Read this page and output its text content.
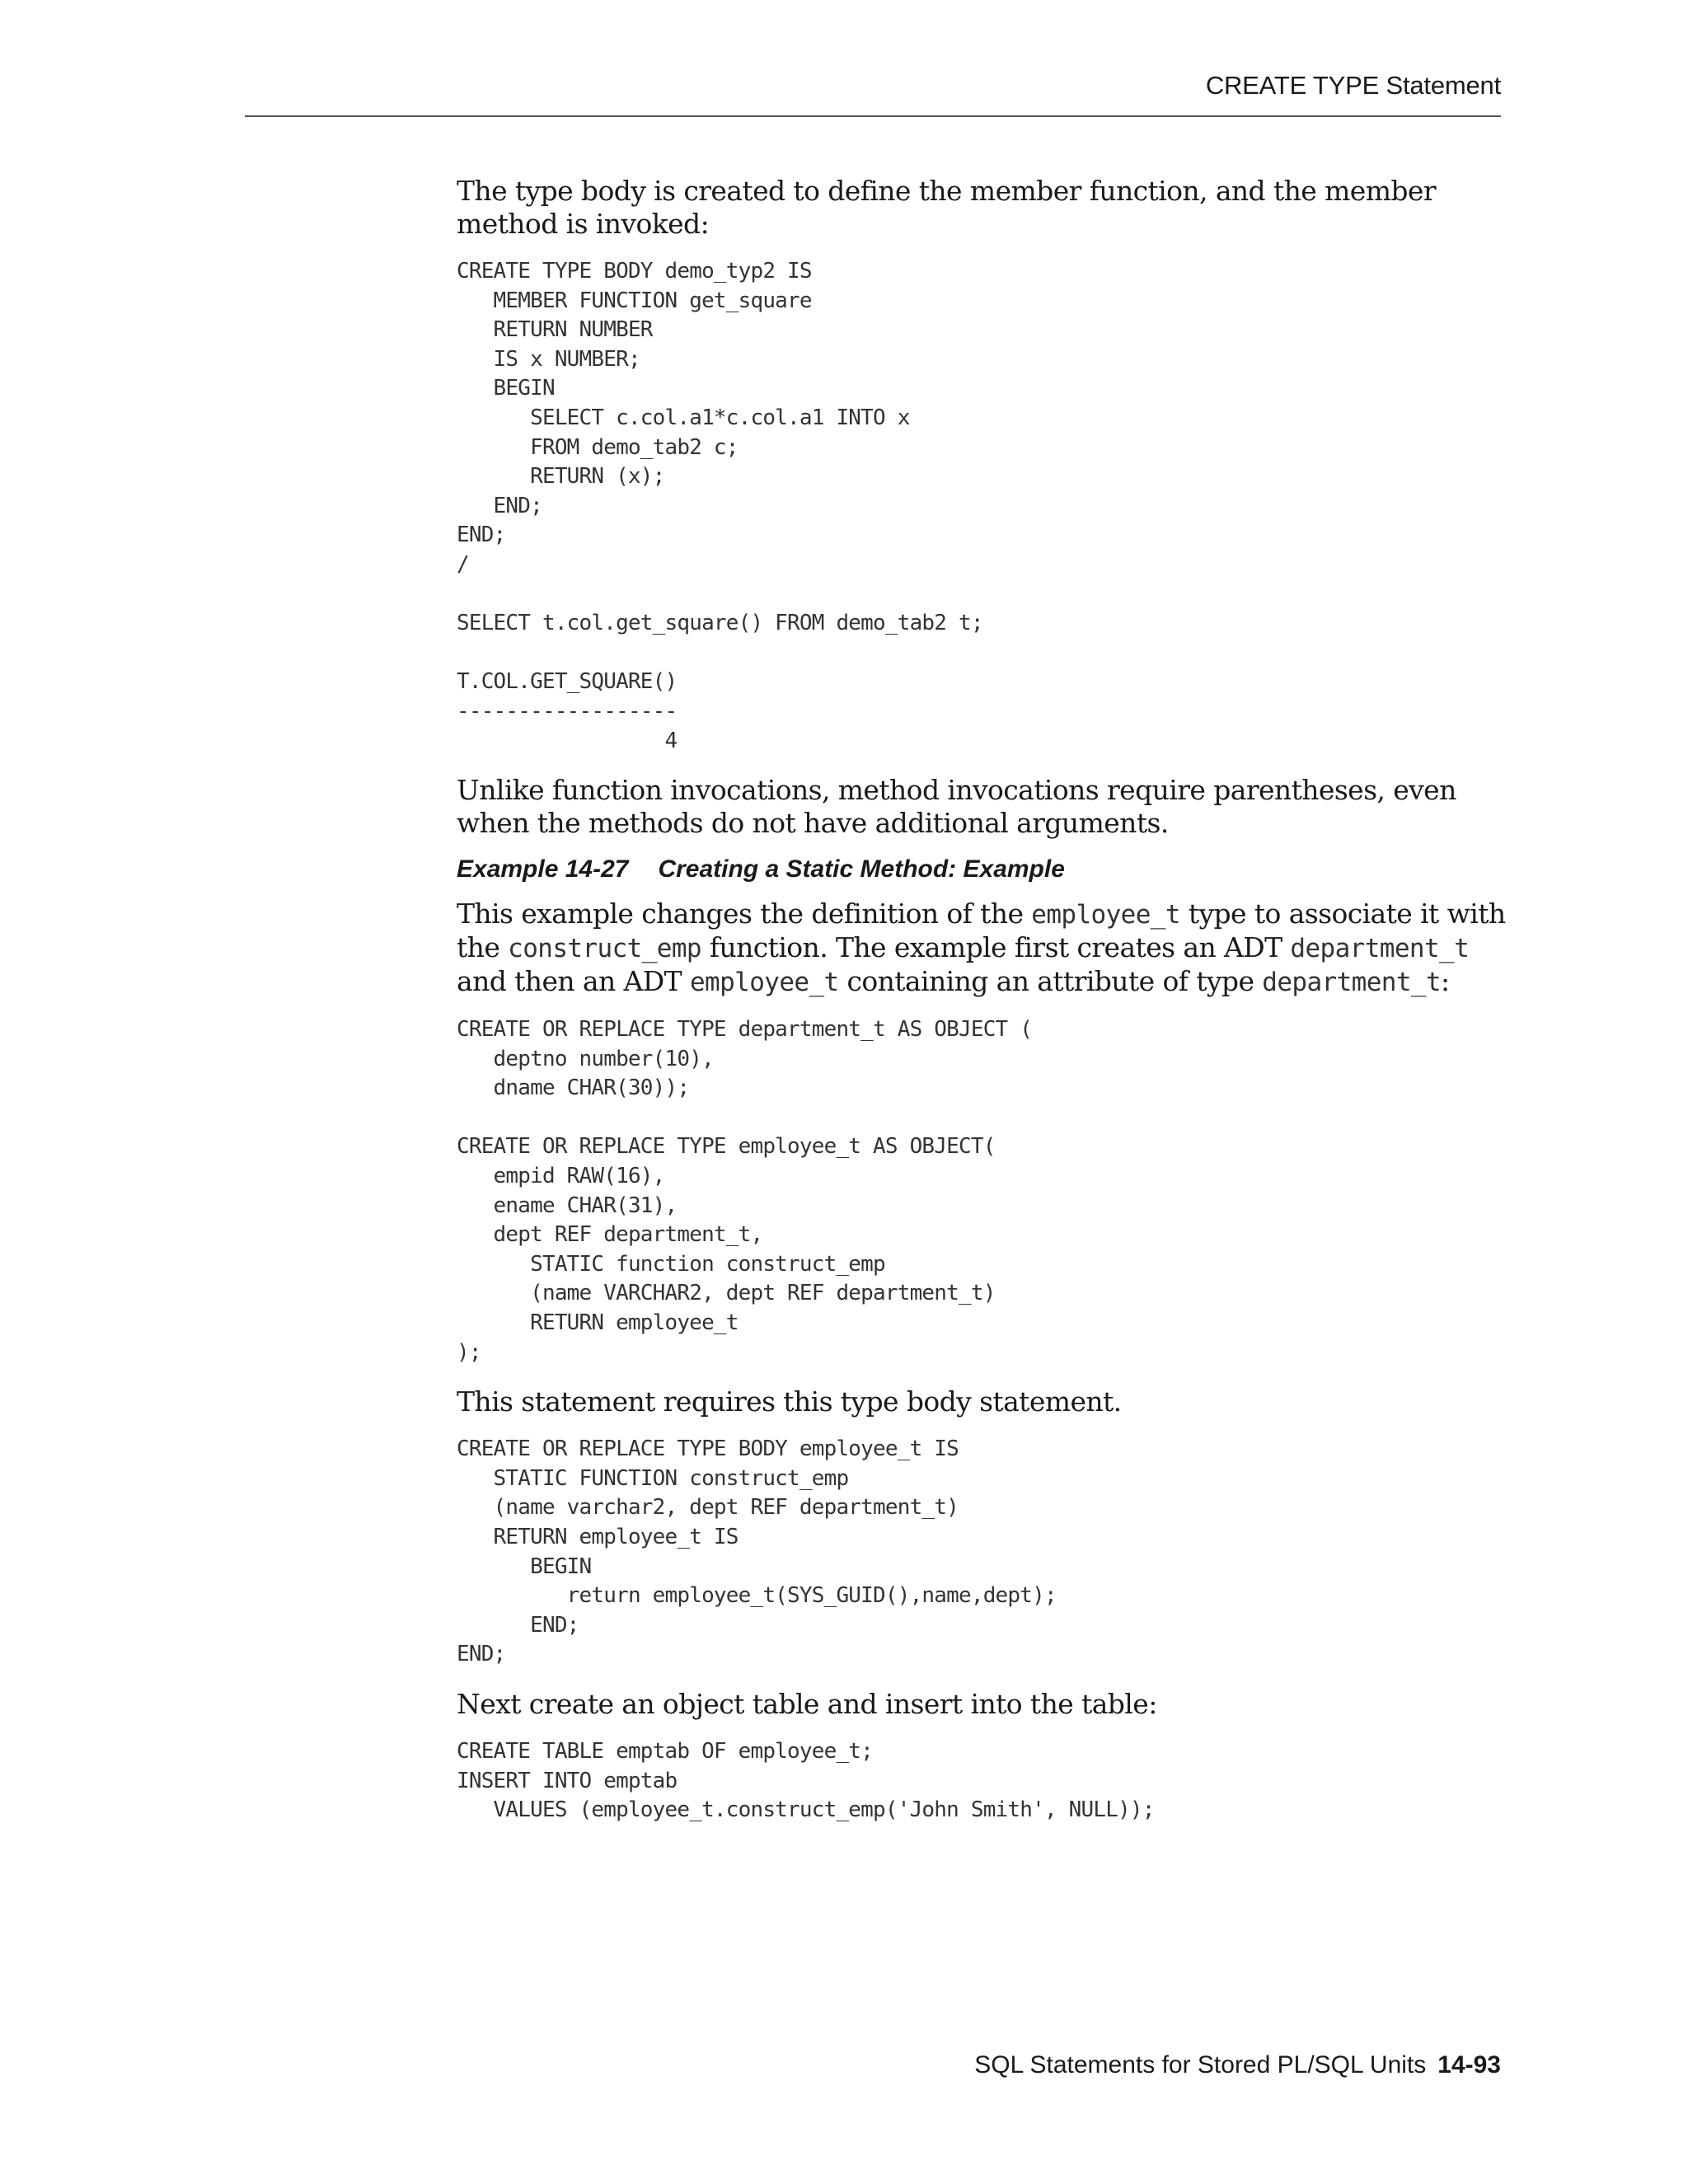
CREATE TYPE Statement

The type body is created to define the member function, and the member method is invoked:

CREATE TYPE BODY demo_typ2 IS
MEMBER FUNCTION get_square
RETURN NUMBER
IS x NUMBER;
BEGIN
SELECT c.col.a1*c.col.a1 INTO x
FROM demo_tab2 c;
RETURN (x);
END;
END;
/

SELECT t.col.get_square() FROM demo_tab2 t;

T.COL.GET_SQUARE()
------------------
4

Unlike function invocations, method invocations require parentheses, even when the methods do not have additional arguments.

Example 14-27 Creating a Static Method: Example

This example changes the definition of the employee_t type to associate it with the construct_emp function. The example first creates an ADT department_t and then an ADT employee_t containing an attribute of type department_t:

CREATE OR REPLACE TYPE department_t AS OBJECT (
deptno number(10),
dname CHAR(30));

CREATE OR REPLACE TYPE employee_t AS OBJECT(
empid RAW(16),
ename CHAR(31),
dept REF department_t,
STATIC function construct_emp
(name VARCHAR2, dept REF department_t)
RETURN employee_t
);

This statement requires this type body statement.

CREATE OR REPLACE TYPE BODY employee_t IS
STATIC FUNCTION construct_emp
(name varchar2, dept REF department_t)
RETURN employee_t IS
BEGIN
return employee_t(SYS_GUID(),name,dept);
END;
END;

Next create an object table and insert into the table:

CREATE TABLE emptab OF employee_t;
INSERT INTO emptab
VALUES (employee_t.construct_emp('John Smith', NULL));
SQL Statements for Stored PL/SQL Units 14-93
